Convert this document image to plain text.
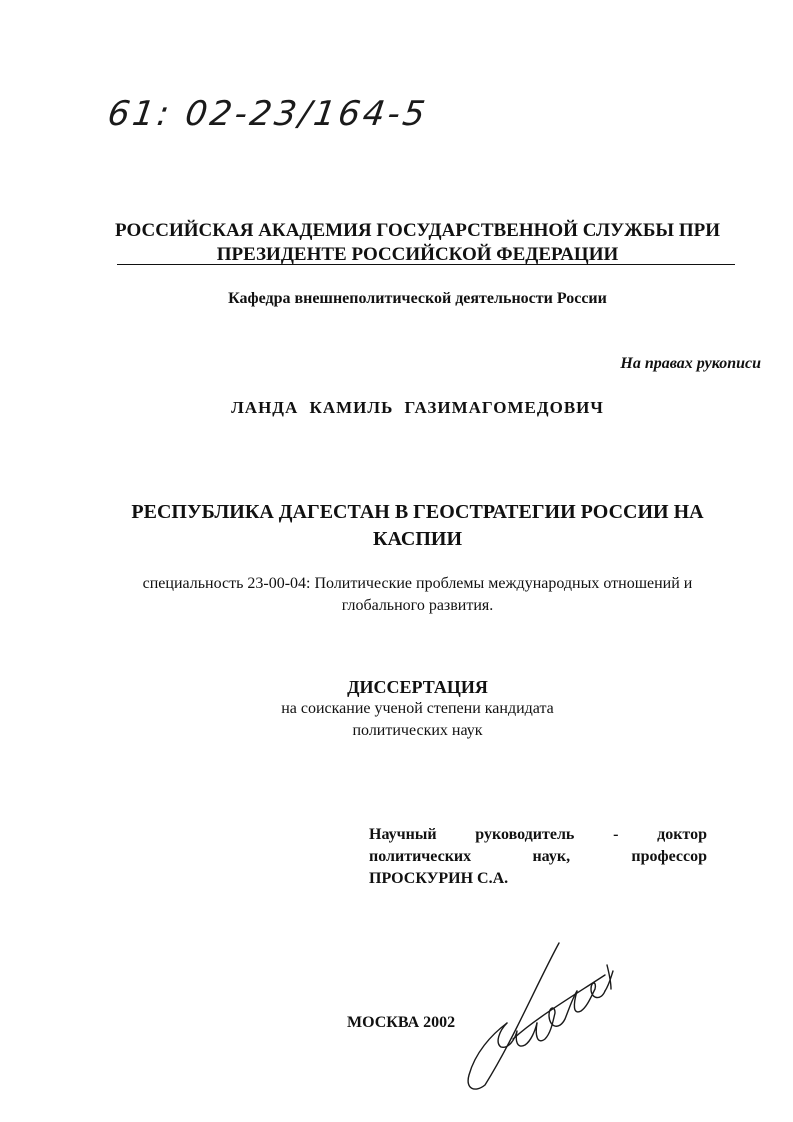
61: 02-23/164-5
РОССИЙСКАЯ АКАДЕМИЯ ГОСУДАРСТВЕННОЙ СЛУЖБЫ ПРИ
ПРЕЗИДЕНТЕ РОССИЙСКОЙ ФЕДЕРАЦИИ
Кафедра внешнеполитической деятельности России
На правах рукописи
ЛАНДА КАМИЛЬ ГАЗИМАГОМЕДОВИЧ
РЕСПУБЛИКА ДАГЕСТАН В ГЕОСТРАТЕГИИ РОССИИ НА
КАСПИИ
специальность 23-00-04: Политические проблемы международных отношений и
глобального развития.
ДИССЕРТАЦИЯ
на соискание ученой степени кандидата
политических наук
Научный руководитель - доктор
политических	наук,	профессор
ПРОСКУРИН С.А.
МОСКВА 2002
